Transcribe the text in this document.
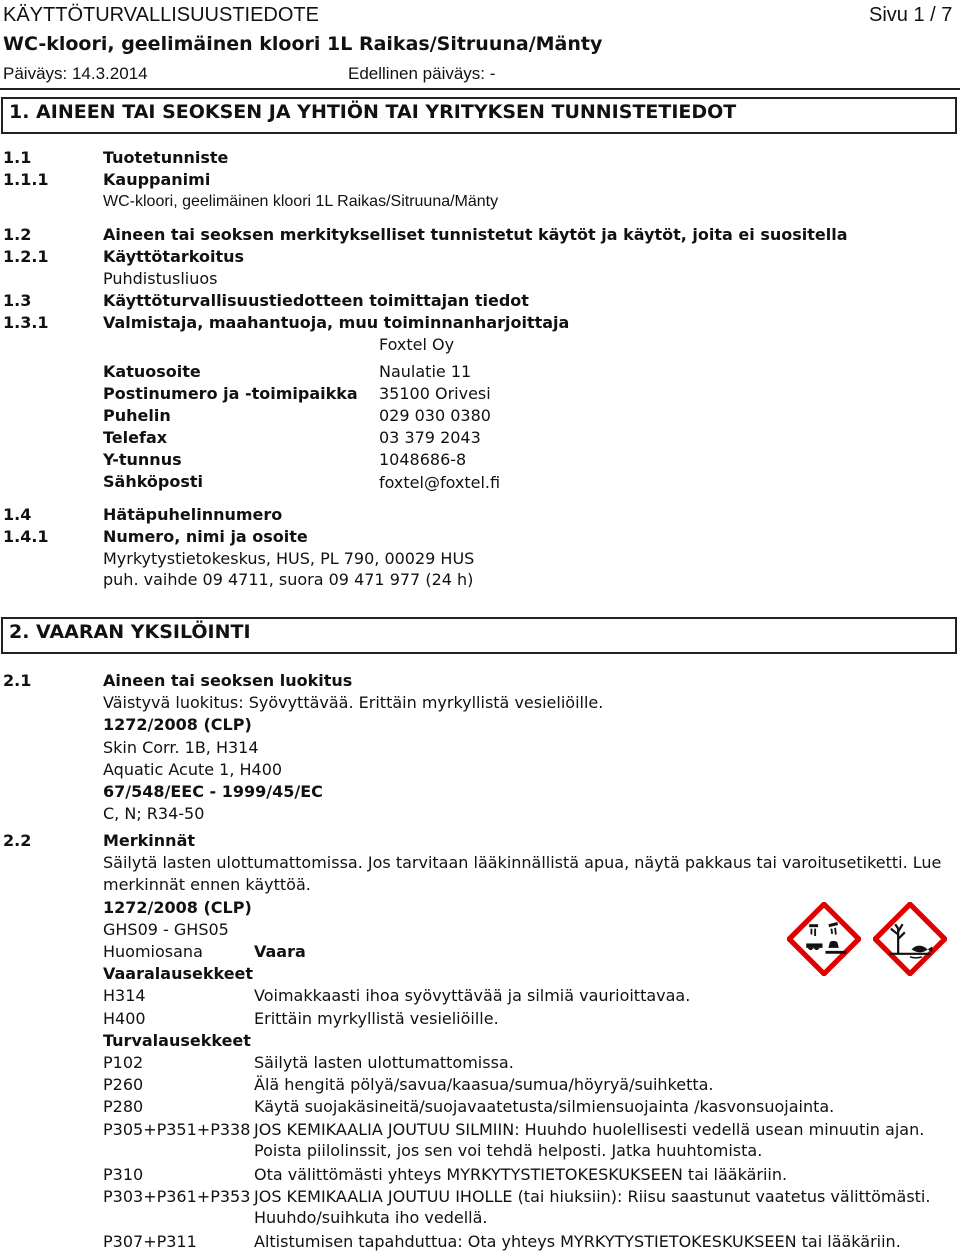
KÄYTTÖTURVALLISUUSTIEDOTE	Sivu 1 / 7
WC-kloori, geelimäinen kloori 1L Raikas/Sitruuna/Mänty
Päiväys: 14.3.2014	Edellinen päiväys: -
1. AINEEN TAI SEOKSEN JA YHTIÖN TAI YRITYKSEN TUNNISTETIEDOT
1.1	Tuotetunniste
1.1.1	Kauppanimi
WC-kloori, geelimäinen kloori 1L Raikas/Sitruuna/Mänty
1.2	Aineen tai seoksen merkitykselliset tunnistetut käytöt ja käytöt, joita ei suositella
1.2.1	Käyttötarkoitus
Puhdistusliuos
1.3	Käyttöturvallisuustiedotteen toimittajan tiedot
1.3.1	Valmistaja, maahantuoja, muu toiminnanharjoittaja
Foxtel Oy
Katuosoite	Naulatie 11
Postinumero ja -toimipaikka 35100 Orivesi
Puhelin	029 030 0380
Telefax	03 379 2043
Y-tunnus	1048686-8
Sähköposti	foxtel@foxtel.fi
1.4	Hätäpuhelinnumero
1.4.1	Numero, nimi ja osoite
Myrkytystietokeskus, HUS, PL 790, 00029 HUS
puh. vaihde 09 4711, suora 09 471 977 (24 h)
2. VAARAN YKSILÖINTI
2.1	Aineen tai seoksen luokitus
Väistyvä luokitus: Syövyttävää. Erittäin myrkyllistä vesieliöille.
1272/2008 (CLP)
Skin Corr. 1B, H314
Aquatic Acute 1, H400
67/548/EEC - 1999/45/EC
C, N; R34-50
2.2	Merkinnät
Säilytä lasten ulottumattomissa. Jos tarvitaan lääkinnällistä apua, näytä pakkaus tai varoitusetiketti. Lue
merkinnät ennen käyttöä.
1272/2008 (CLP)
GHS09 - GHS05
Huomiosana	Vaara
Vaaralausekkeet
H314	Voimakkaasti ihoa syövyttävää ja silmiä vaurioittavaa.
H400	Erittäin myrkyllistä vesieliöille.
Turvalausekkeet
P102	Säilytä lasten ulottumattomissa.
P260	Älä hengitä pölyä/savua/kaasua/sumua/höyryä/suihketta.
P280	Käytä suojakäsineitä/suojavaatetusta/silmiensuojainta /kasvonsuojainta.
P305+P351+P338 JOS KEMIKAALIA JOUTUU SILMIIN: Huuhdo huolellisesti vedellä usean minuutin ajan.
Poista piilolinssit, jos sen voi tehdä helposti. Jatka huuhtomista.
P310	Ota välittömästi yhteys MYRKYTYSTIETOKESKUKSEEN tai lääkäriin.
P303+P361+P353 JOS KEMIKAALIA JOUTUU IHOLLE (tai hiuksiin): Riisu saastunut vaatetus välittömästi.
Huuhdo/suihkuta iho vedellä.
P307+P311	Altistumisen tapahduttua: Ota yhteys MYRKYTYSTIETOKESKUKSEEN tai lääkäriin.
